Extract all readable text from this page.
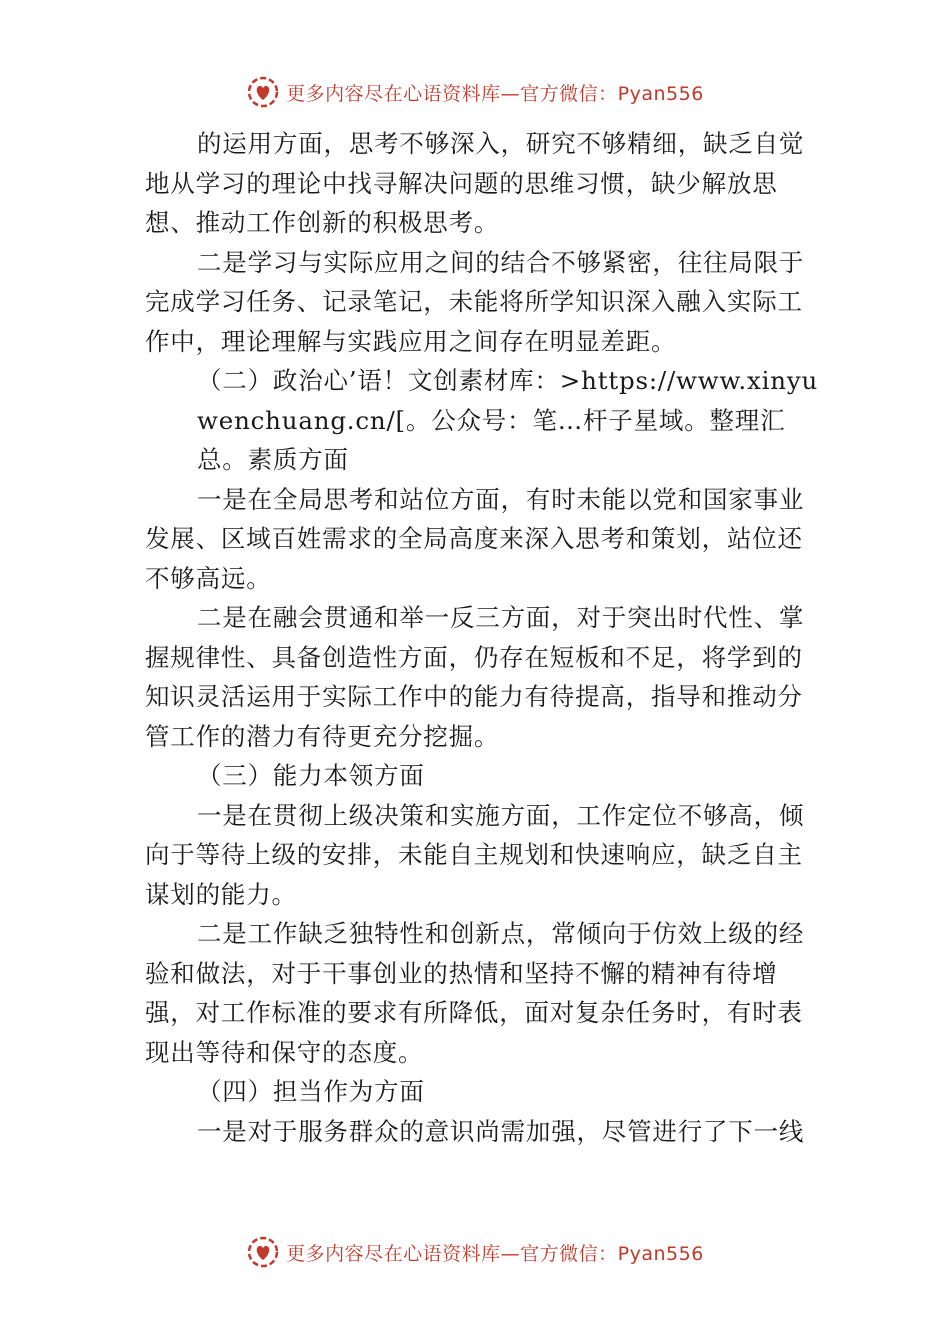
更多内容尽在心语资料库—官方微信：Pyan556

的运用方面，思考不够深入，研究不够精细，缺乏自觉地从学习的理论中找寻解决问题的思维习惯，缺少解放思想、推动工作创新的积极思考。

二是学习与实际应用之间的结合不够紧密，往往局限于完成学习任务、记录笔记，未能将所学知识深入融入实际工作中，理论理解与实践应用之间存在明显差距。

（二）政治心’语！文创素材库：>https://www.xinyuwenchuang.cn/[。公众号：笔…杆子星域。整理汇总。素质方面

一是在全局思考和站位方面，有时未能以党和国家事业发展、区域百姓需求的全局高度来深入思考和策划，站位还不够高远。

二是在融会贯通和举一反三方面，对于突出时代性、掌握规律性、具备创造性方面，仍存在短板和不足，将学到的知识灵活运用于实际工作中的能力有待提高，指导和推动分管工作的潜力有待更充分挖掘。

（三）能力本领方面

一是在贯彻上级决策和实施方面，工作定位不够高，倾向于等待上级的安排，未能自主规划和快速响应，缺乏自主谋划的能力。

二是工作缺乏独特性和创新点，常倾向于仿效上级的经验和做法，对于干事创业的热情和坚持不懈的精神有待增强，对工作标准的要求有所降低，面对复杂任务时，有时表现出等待和保守的态度。

（四）担当作为方面

一是对于服务群众的意识尚需加强，尽管进行了下一线

更多内容尽在心语资料库—官方微信：Pyan556
